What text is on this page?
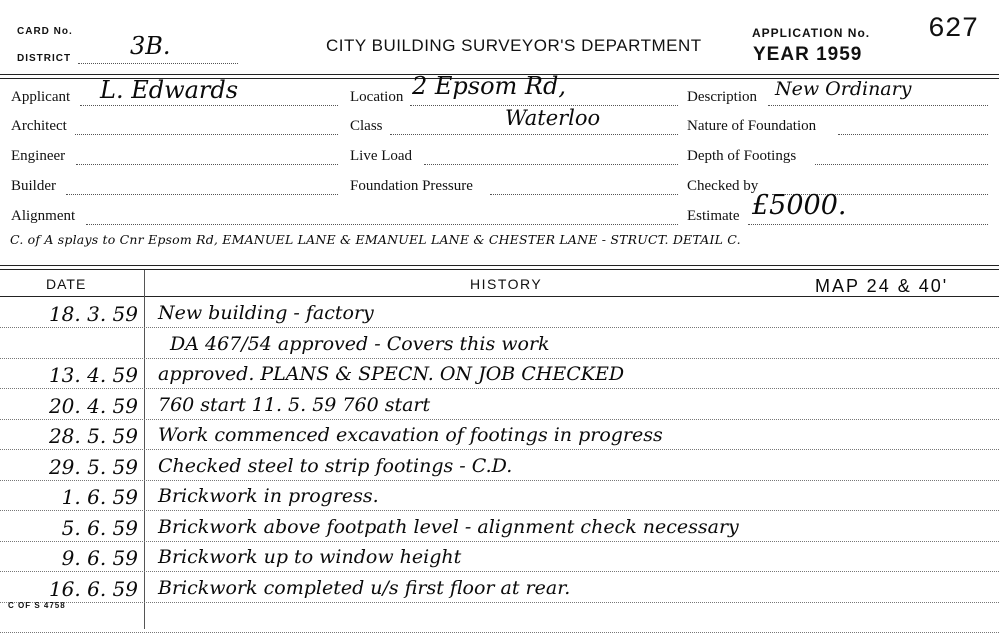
CARD No.
DISTRICT 3B.	CITY BUILDING SURVEYOR'S DEPARTMENT
APPLICATION No. 627
YEAR 1959
Applicant L. Edwards
Architect
Engineer
Builder
Alignment
Location 2 Epsom Rd,
Waterloo
Class
Live Load
Foundation Pressure
Description New Ordinary
Nature of Foundation
Depth of Footings
Checked by
Estimate £5000.
C. of A splays to Cnr Epsom Rd, EMANUEL LANE & EMANUEL LANE & CHESTER LANE - STRUCT. DETAIL C.
DATE	HISTORY	MAP 24 & 40'
18. 3. 59 New building - factory
DA 467/54 approved - Covers this work
13. 4. 59 approved. PLANS & SPECN. ON JOB CHECKED
20. 4. 59 760 start 11. 5. 59 760 start
28. 5. 59 Work commenced excavation of footings in progress
29. 5. 59 Checked steel to strip footings - C.D.
1. 6. 59 Brickwork in progress.
5. 6. 59 Brickwork above footpath level - alignment check necessary
9. 6. 59 Brickwork up to window height
16. 6. 59 Brickwork completed u/s first floor at rear.
C OF S 4758
